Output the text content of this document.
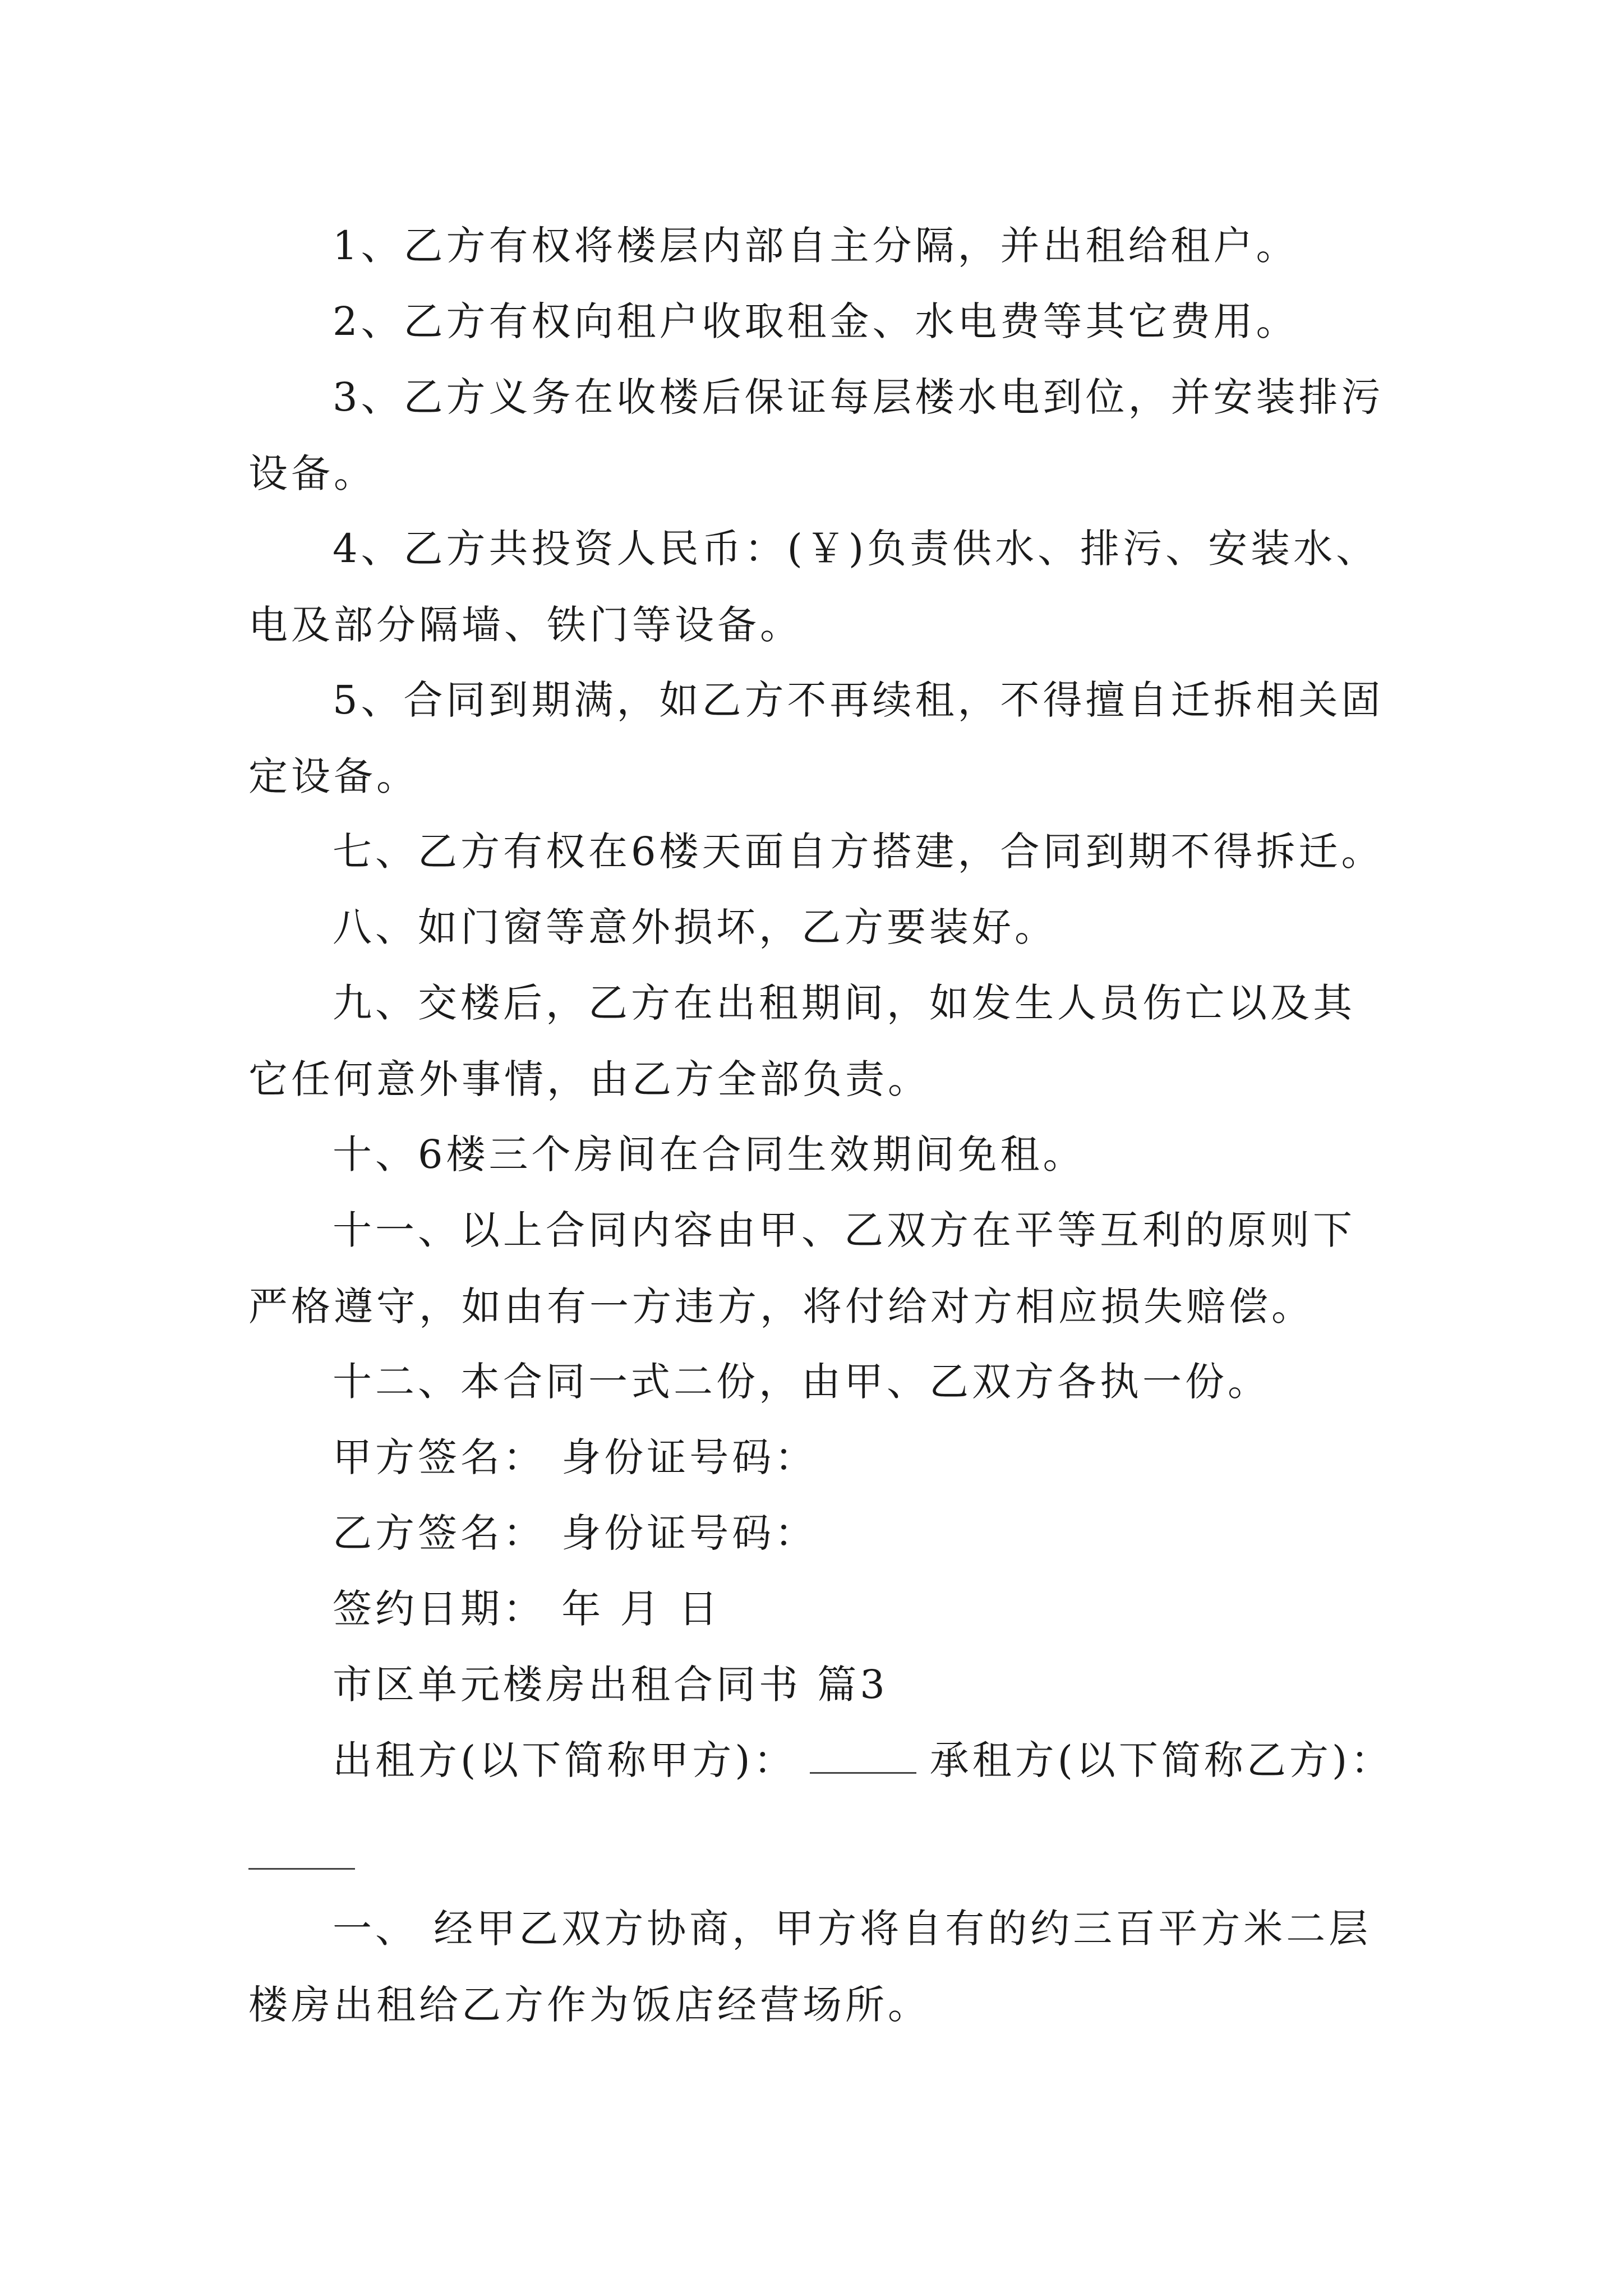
1、乙方有权将楼层内部自主分隔，并出租给租户。

2、乙方有权向租户收取租金、水电费等其它费用。

3、乙方义务在收楼后保证每层楼水电到位，并安装排污设备。

4、乙方共投资人民币：(￥)负责供水、排污、安装水、电及部分隔墙、铁门等设备。

5、合同到期满，如乙方不再续租，不得擅自迁拆相关固定设备。

七、乙方有权在6楼天面自方搭建，合同到期不得拆迁。

八、如门窗等意外损坏，乙方要装好。

九、交楼后，乙方在出租期间，如发生人员伤亡以及其它任何意外事情，由乙方全部负责。

十、6楼三个房间在合同生效期间免租。

十一、以上合同内容由甲、乙双方在平等互利的原则下严格遵守，如由有一方违方，将付给对方相应损失赔偿。

十二、本合同一式二份，由甲、乙双方各执一份。

甲方签名： 身份证号码：

乙方签名： 身份证号码：

签约日期： 年 月 日

市区单元楼房出租合同书 篇3

出租方(以下简称甲方)：	承租方(以下简称乙方)：

一、 经甲乙双方协商，甲方将自有的约三百平方米二层楼房出租给乙方作为饭店经营场所。
